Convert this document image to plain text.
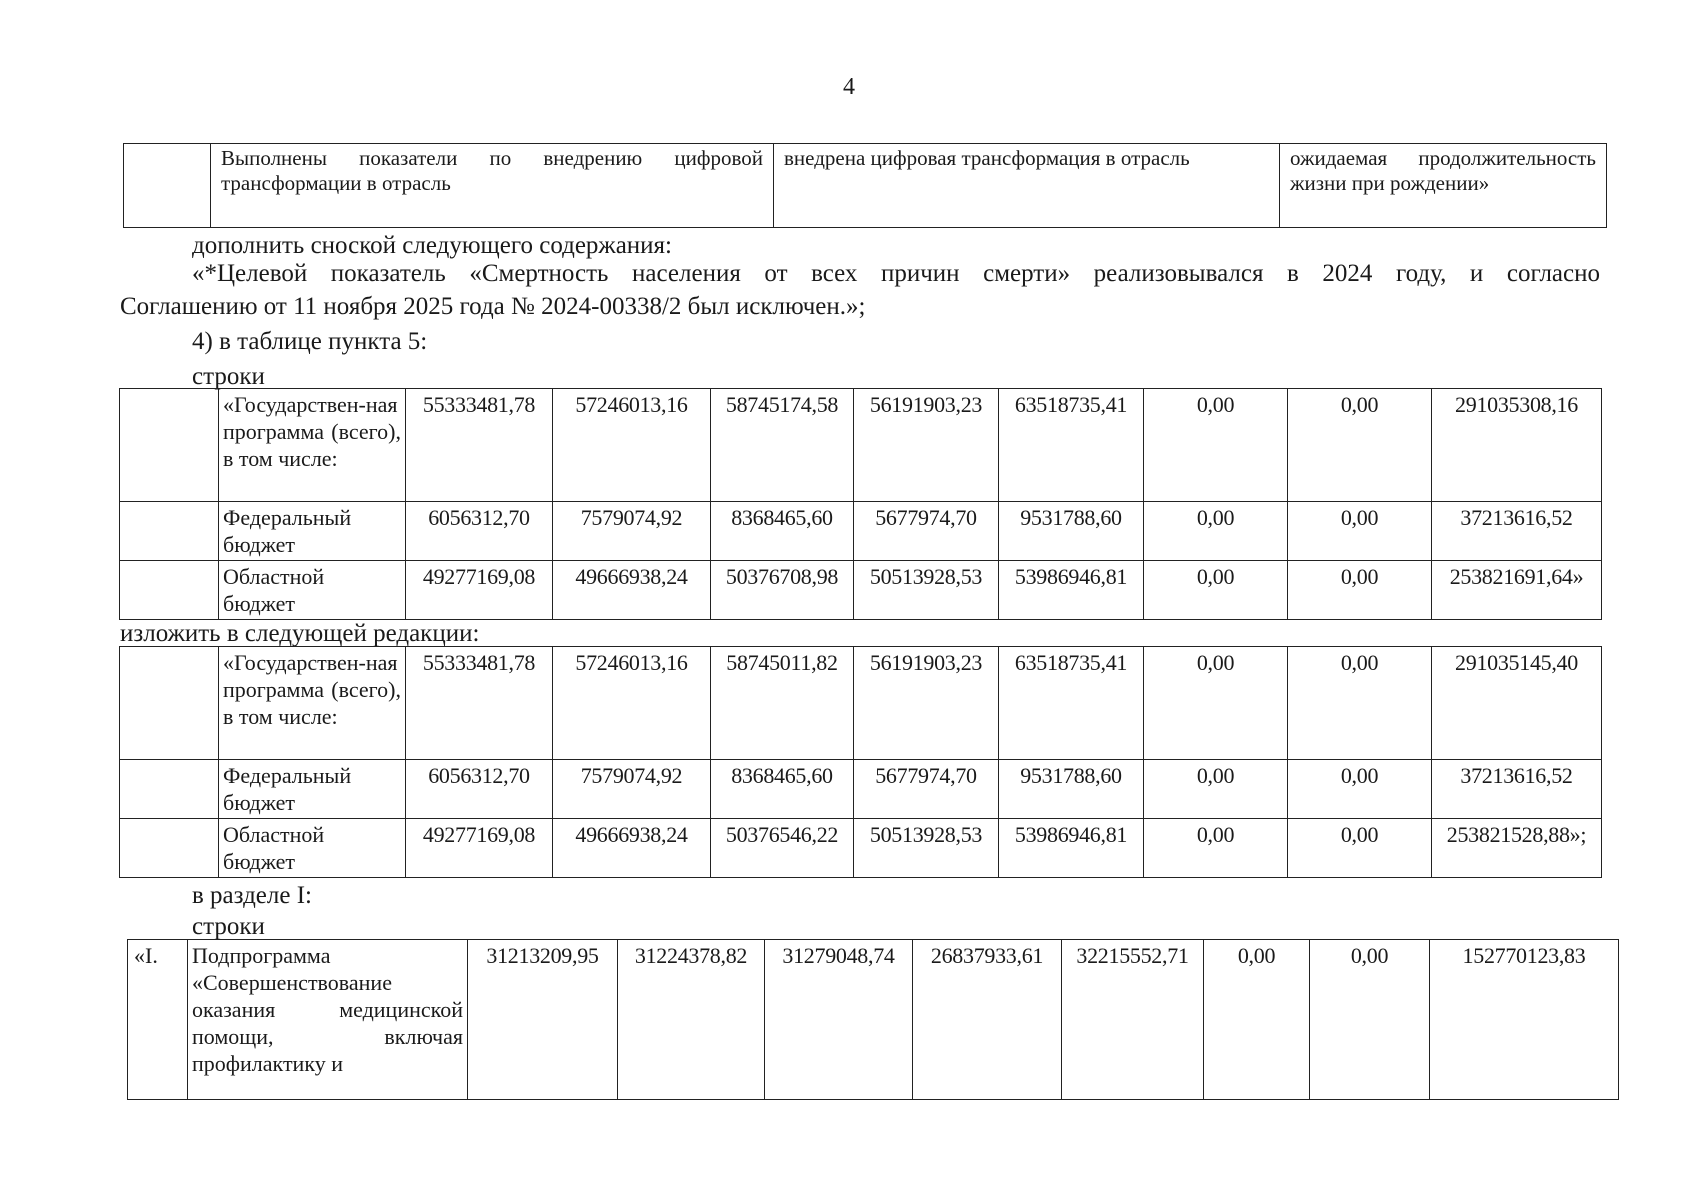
4
	Выполнены показатели по внедрению цифровой трансформации в отрасль	внедрена цифровая трансформация в отрасль	ожидаемая продолжительность жизни при рождении»
дополнить сноской следующего содержания:
«*Целевой показатель «Смертность населения от всех причин смерти» реализовывался в 2024 году, и согласно
Соглашению от 11 ноября 2025 года № 2024-00338/2 был исключен.»;
4) в таблице пункта 5:
строки
	«Государствен-ная программа (всего), в том числе:	55333481,78	57246013,16	58745174,58	56191903,23	63518735,41	0,00	0,00	291035308,16
	Федеральный бюджет	6056312,70	7579074,92	8368465,60	5677974,70	9531788,60	0,00	0,00	37213616,52
	Областной бюджет	49277169,08	49666938,24	50376708,98	50513928,53	53986946,81	0,00	0,00	253821691,64»
изложить в следующей редакции:
	«Государствен-ная программа (всего), в том числе:	55333481,78	57246013,16	58745011,82	56191903,23	63518735,41	0,00	0,00	291035145,40
	Федеральный бюджет	6056312,70	7579074,92	8368465,60	5677974,70	9531788,60	0,00	0,00	37213616,52
	Областной бюджет	49277169,08	49666938,24	50376546,22	50513928,53	53986946,81	0,00	0,00	253821528,88»;
в разделе I:
строки
«I.	Подпрограмма «Совершенствование оказания медицинской помощи, включая профилактику и	31213209,95	31224378,82	31279048,74	26837933,61	32215552,71	0,00	0,00	152770123,83
